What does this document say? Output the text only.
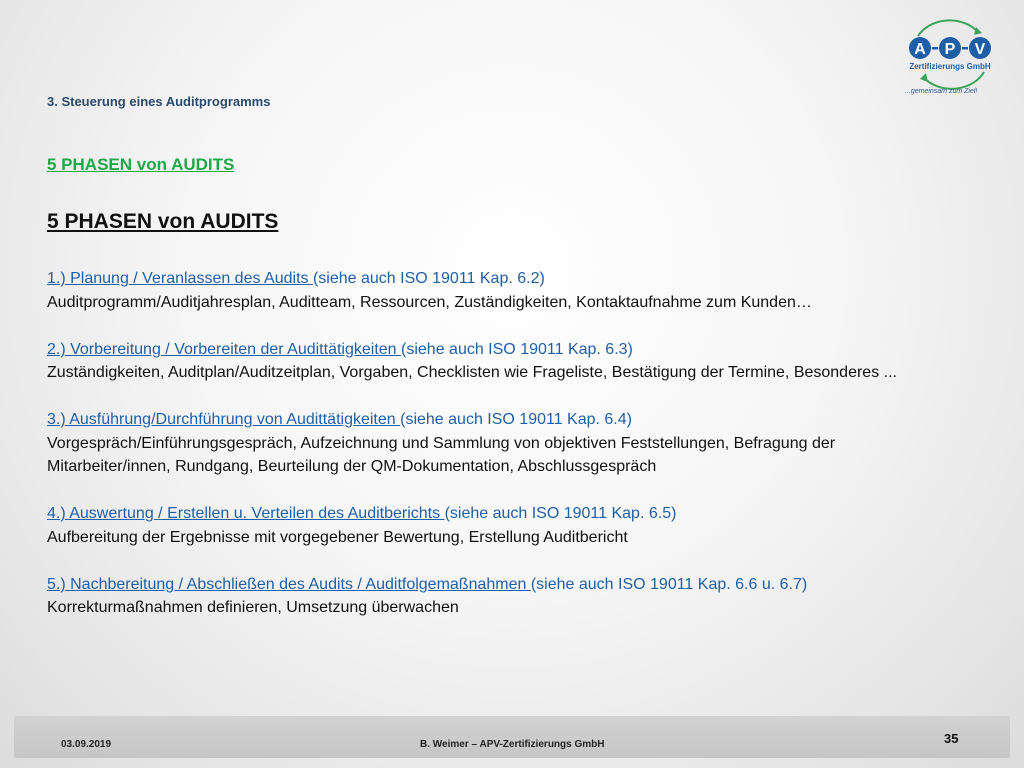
3. Steuerung eines Auditprogramms
A P V
Zertifizierungs GmbH
...gemeinsam zum Ziel!
5 PHASEN von AUDITS
5 PHASEN von AUDITS
1.) Planung / Veranlassen des Audits (siehe auch ISO 19011 Kap. 6.2)
Auditprogramm/Auditjahresplan, Auditteam, Ressourcen, Zuständigkeiten, Kontaktaufnahme zum Kunden…
2.) Vorbereitung / Vorbereiten der Audittätigkeiten (siehe auch ISO 19011 Kap. 6.3)
Zuständigkeiten, Auditplan/Auditzeitplan, Vorgaben, Checklisten wie Frageliste, Bestätigung der Termine, Besonderes ...
3.) Ausführung/Durchführung von Audittätigkeiten (siehe auch ISO 19011 Kap. 6.4)
Vorgespräch/Einführungsgespräch, Aufzeichnung und Sammlung von objektiven Feststellungen, Befragung der Mitarbeiter/innen, Rundgang, Beurteilung der QM-Dokumentation, Abschlussgespräch
4.) Auswertung / Erstellen u. Verteilen des Auditberichts (siehe auch ISO 19011 Kap. 6.5)
Aufbereitung der Ergebnisse mit vorgegebener Bewertung, Erstellung Auditbericht
5.) Nachbereitung / Abschließen des Audits / Auditfolgemaßnahmen (siehe auch ISO 19011 Kap. 6.6 u. 6.7)
Korrekturmaßnahmen definieren, Umsetzung überwachen
03.09.2019	B. Weimer – APV-Zertifizierungs GmbH	35
